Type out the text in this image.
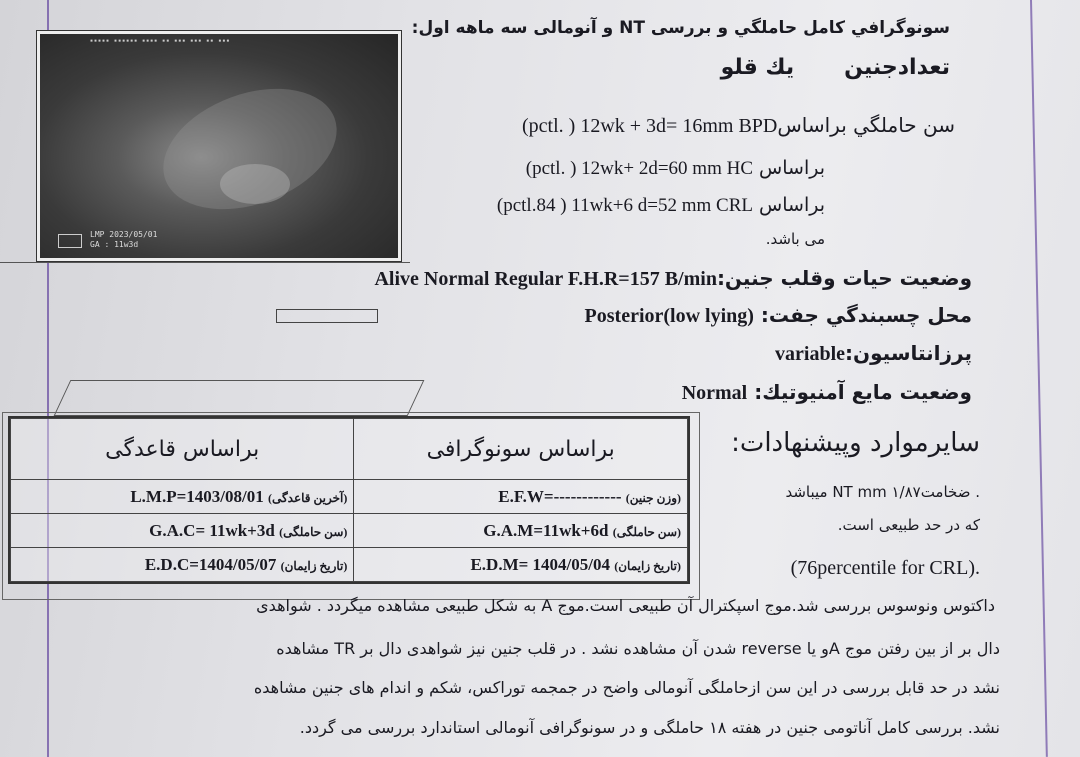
▪▪▪▪▪ ▪▪▪▪▪▪ ▪▪▪▪ ▪▪ ▪▪▪ ▪▪▪ ▪▪ ▪▪▪
LMP 2023/05/01
GA : 11w3d
سونوگرافي كامل حاملگي و بررسی NT و آنومالی سه ماهه اول:
تعدادجنينيك قلو
سن حاملگي براساس(pctl. ) 12wk + 3d= 16mm BPD
براساس (pctl. ) 12wk+ 2d=60 mm HC
براساس (pctl.84 ) 11wk+6 d=52 mm CRL
می باشد.
وضعيت حيات وقلب جنين:Alive Normal Regular F.H.R=157 B/min
محل چسبندگي جفت: Posterior(low lying)
پرزانتاسيون:variable
وضعيت مايع آمنيوتيك: Normal
سايرموارد وپيشنهادات:
. ضخامتNT mm ۱/۸۷ میباشد
که در حد طبیعی است.
.(76percentile for CRL)
براساس سونوگرافی	براساس قاعدگی
(وزن جنین) E.F.W=------------	(آخرین قاعدگی) L.M.P=1403/08/01
(سن حاملگی) G.A.M=11wk+6d	(سن حاملگی) G.A.C= 11wk+3d
(تاریخ زایمان) E.D.M= 1404/05/04	(تاریخ زایمان) E.D.C=1404/05/07
داکتوس ونوسوس بررسی شد.موج اسپکترال آن طبیعی است.موج A به شکل طبیعی مشاهده میگردد . شواهدی
دال بر از بین رفتن موج Aو یا reverse شدن آن مشاهده نشد . در قلب جنین نیز شواهدی دال بر TR مشاهده
نشد در حد قابل بررسی در این سن ازحاملگی آنومالی واضح در جمجمه توراکس، شکم و اندام های جنین مشاهده
نشد. بررسی کامل آناتومی جنین در هفته ۱۸ حاملگی و در سونوگرافی آنومالی استاندارد بررسی می گردد.
